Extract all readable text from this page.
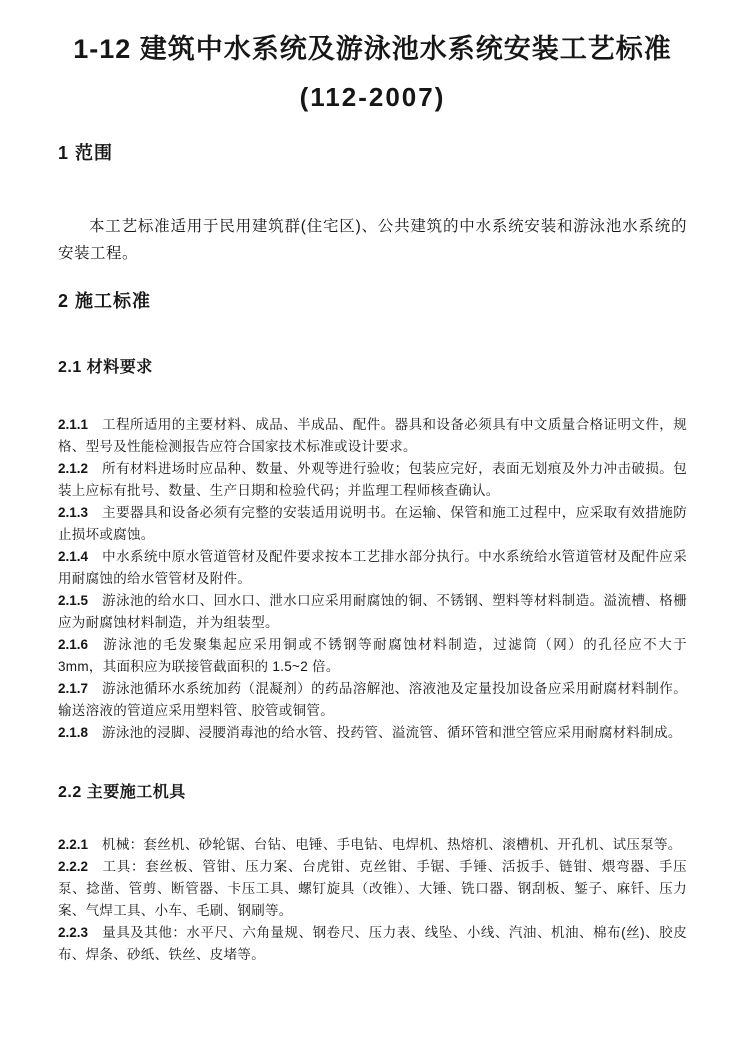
1-12 建筑中水系统及游泳池水系统安装工艺标准
(112-2007)
1 范围

本工艺标准适用于民用建筑群(住宅区)、公共建筑的中水系统安装和游泳池水系统的安装工程。

2 施工标准
2.1 材料要求

2.1.1 工程所适用的主要材料、成品、半成品、配件。器具和设备必须具有中文质量合格证明文件，规格、型号及性能检测报告应符合国家技术标准或设计要求。

2.1.2 所有材料进场时应品种、数量、外观等进行验收；包装应完好，表面无划痕及外力冲击破损。包装上应标有批号、数量、生产日期和检验代码；并监理工程师核查确认。

2.1.3 主要器具和设备必须有完整的安装适用说明书。在运输、保管和施工过程中，应采取有效措施防止损坏或腐蚀。

2.1.4 中水系统中原水管道管材及配件要求按本工艺排水部分执行。中水系统给水管道管材及配件应采用耐腐蚀的给水管管材及附件。

2.1.5 游泳池的给水口、回水口、泄水口应采用耐腐蚀的铜、不锈钢、塑料等材料制造。溢流槽、格栅应为耐腐蚀材料制造，并为组装型。

2.1.6 游泳池的毛发聚集起应采用铜或不锈钢等耐腐蚀材料制造，过滤筒（网）的孔径应不大于 3mm，其面积应为联接管截面积的 1.5~2 倍。

2.1.7 游泳池循环水系统加药（混凝剂）的药品溶解池、溶液池及定量投加设备应采用耐腐材料制作。输送溶液的管道应采用塑料管、胶管或铜管。

2.1.8 游泳池的浸脚、浸腰消毒池的给水管、投药管、溢流管、循环管和泄空管应采用耐腐材料制成。

2.2 主要施工机具

2.2.1 机械：套丝机、砂轮锯、台钻、电锤、手电钻、电焊机、热熔机、滚槽机、开孔机、试压泵等。

2.2.2 工具：套丝板、管钳、压力案、台虎钳、克丝钳、手锯、手锤、活扳手、链钳、煨弯器、手压泵、捻凿、管剪、断管器、卡压工具、螺钉旋具（改锥）、大锤、铣口器、钢刮板、錾子、麻钎、压力案、气焊工具、小车、毛刷、钢刷等。

2.2.3 量具及其他：水平尺、六角量规、钢卷尺、压力表、线坠、小线、汽油、机油、棉布(丝)、胶皮布、焊条、砂纸、铁丝、皮堵等。
